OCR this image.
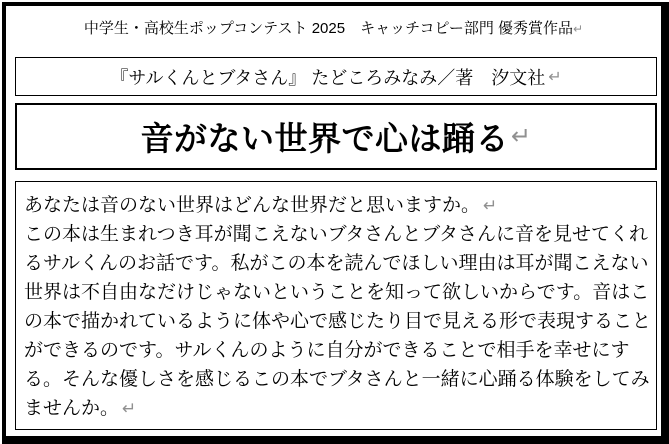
中学生・高校生ポップコンテスト 2025　キャッチコピー部門 優秀賞作品↵
『サルくんとブタさん』 たどころみなみ／著　汐文社 ↵
音がない世界で心は踊る ↵
あなたは音のない世界はどんな世界だと思いますか。 ↵
この本は生まれつき耳が聞こえないブタさんとブタさんに音を見せてくれ
るサルくんのお話です。私がこの本を読んでほしい理由は耳が聞こえない
世界は不自由なだけじゃないということを知って欲しいからです。音はこ
の本で描かれているように体や心で感じたり目で見える形で表現すること
ができるのです。サルくんのように自分ができることで相手を幸せにす
る。そんな優しさを感じるこの本でブタさんと一緒に心踊る体験をしてみ
ませんか。 ↵
